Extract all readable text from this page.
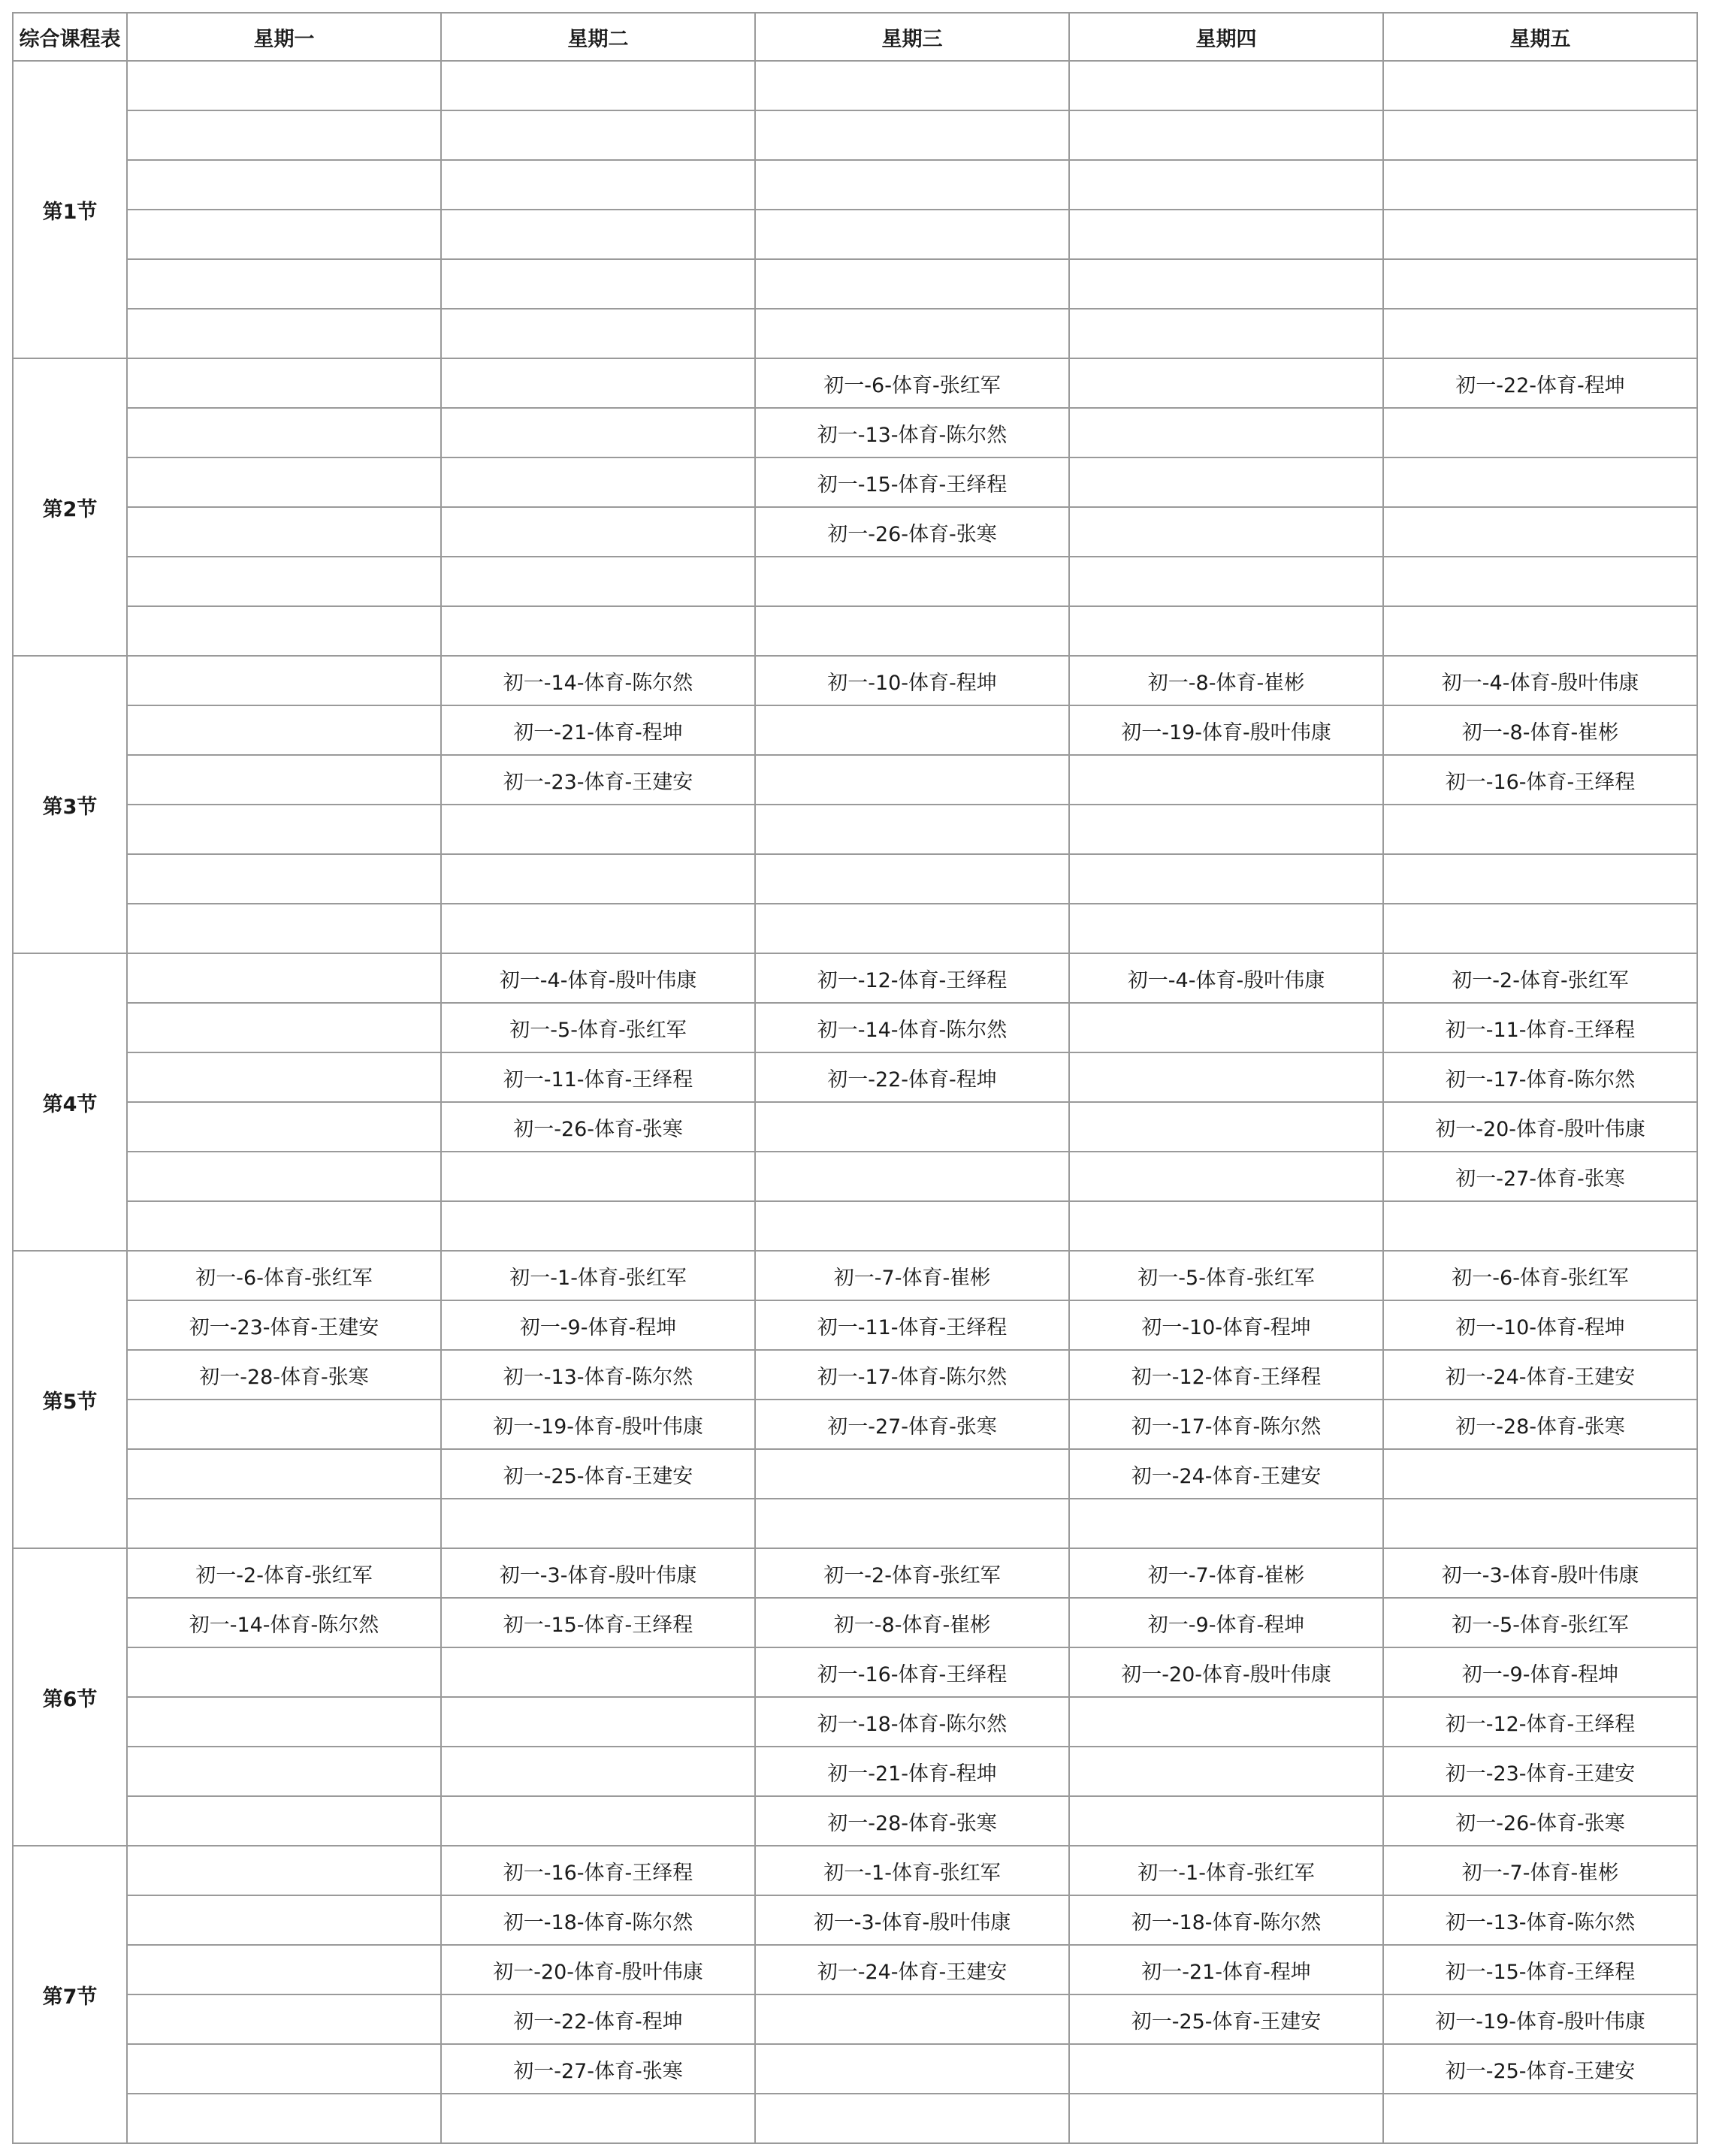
综合课程表	星期一	星期二	星期三	星期四	星期五
第1节					

第2节			初一-6-体育-张红军		初一-22-体育-程坤
			初一-13-体育-陈尔然		
			初一-15-体育-王绎程		
			初一-26-体育-张寒		

第3节		初一-14-体育-陈尔然	初一-10-体育-程坤	初一-8-体育-崔彬	初一-4-体育-殷叶伟康
		初一-21-体育-程坤		初一-19-体育-殷叶伟康	初一-8-体育-崔彬
		初一-23-体育-王建安			初一-16-体育-王绎程

第4节		初一-4-体育-殷叶伟康	初一-12-体育-王绎程	初一-4-体育-殷叶伟康	初一-2-体育-张红军
		初一-5-体育-张红军	初一-14-体育-陈尔然		初一-11-体育-王绎程
		初一-11-体育-王绎程	初一-22-体育-程坤		初一-17-体育-陈尔然
		初一-26-体育-张寒			初一-20-体育-殷叶伟康
					初一-27-体育-张寒

第5节	初一-6-体育-张红军	初一-1-体育-张红军	初一-7-体育-崔彬	初一-5-体育-张红军	初一-6-体育-张红军
	初一-23-体育-王建安	初一-9-体育-程坤	初一-11-体育-王绎程	初一-10-体育-程坤	初一-10-体育-程坤
	初一-28-体育-张寒	初一-13-体育-陈尔然	初一-17-体育-陈尔然	初一-12-体育-王绎程	初一-24-体育-王建安
		初一-19-体育-殷叶伟康	初一-27-体育-张寒	初一-17-体育-陈尔然	初一-28-体育-张寒
		初一-25-体育-王建安		初一-24-体育-王建安	

第6节	初一-2-体育-张红军	初一-3-体育-殷叶伟康	初一-2-体育-张红军	初一-7-体育-崔彬	初一-3-体育-殷叶伟康
	初一-14-体育-陈尔然	初一-15-体育-王绎程	初一-8-体育-崔彬	初一-9-体育-程坤	初一-5-体育-张红军
			初一-16-体育-王绎程	初一-20-体育-殷叶伟康	初一-9-体育-程坤
			初一-18-体育-陈尔然		初一-12-体育-王绎程
			初一-21-体育-程坤		初一-23-体育-王建安
			初一-28-体育-张寒		初一-26-体育-张寒
第7节		初一-16-体育-王绎程	初一-1-体育-张红军	初一-1-体育-张红军	初一-7-体育-崔彬
		初一-18-体育-陈尔然	初一-3-体育-殷叶伟康	初一-18-体育-陈尔然	初一-13-体育-陈尔然
		初一-20-体育-殷叶伟康	初一-24-体育-王建安	初一-21-体育-程坤	初一-15-体育-王绎程
		初一-22-体育-程坤		初一-25-体育-王建安	初一-19-体育-殷叶伟康
		初一-27-体育-张寒			初一-25-体育-王建安
